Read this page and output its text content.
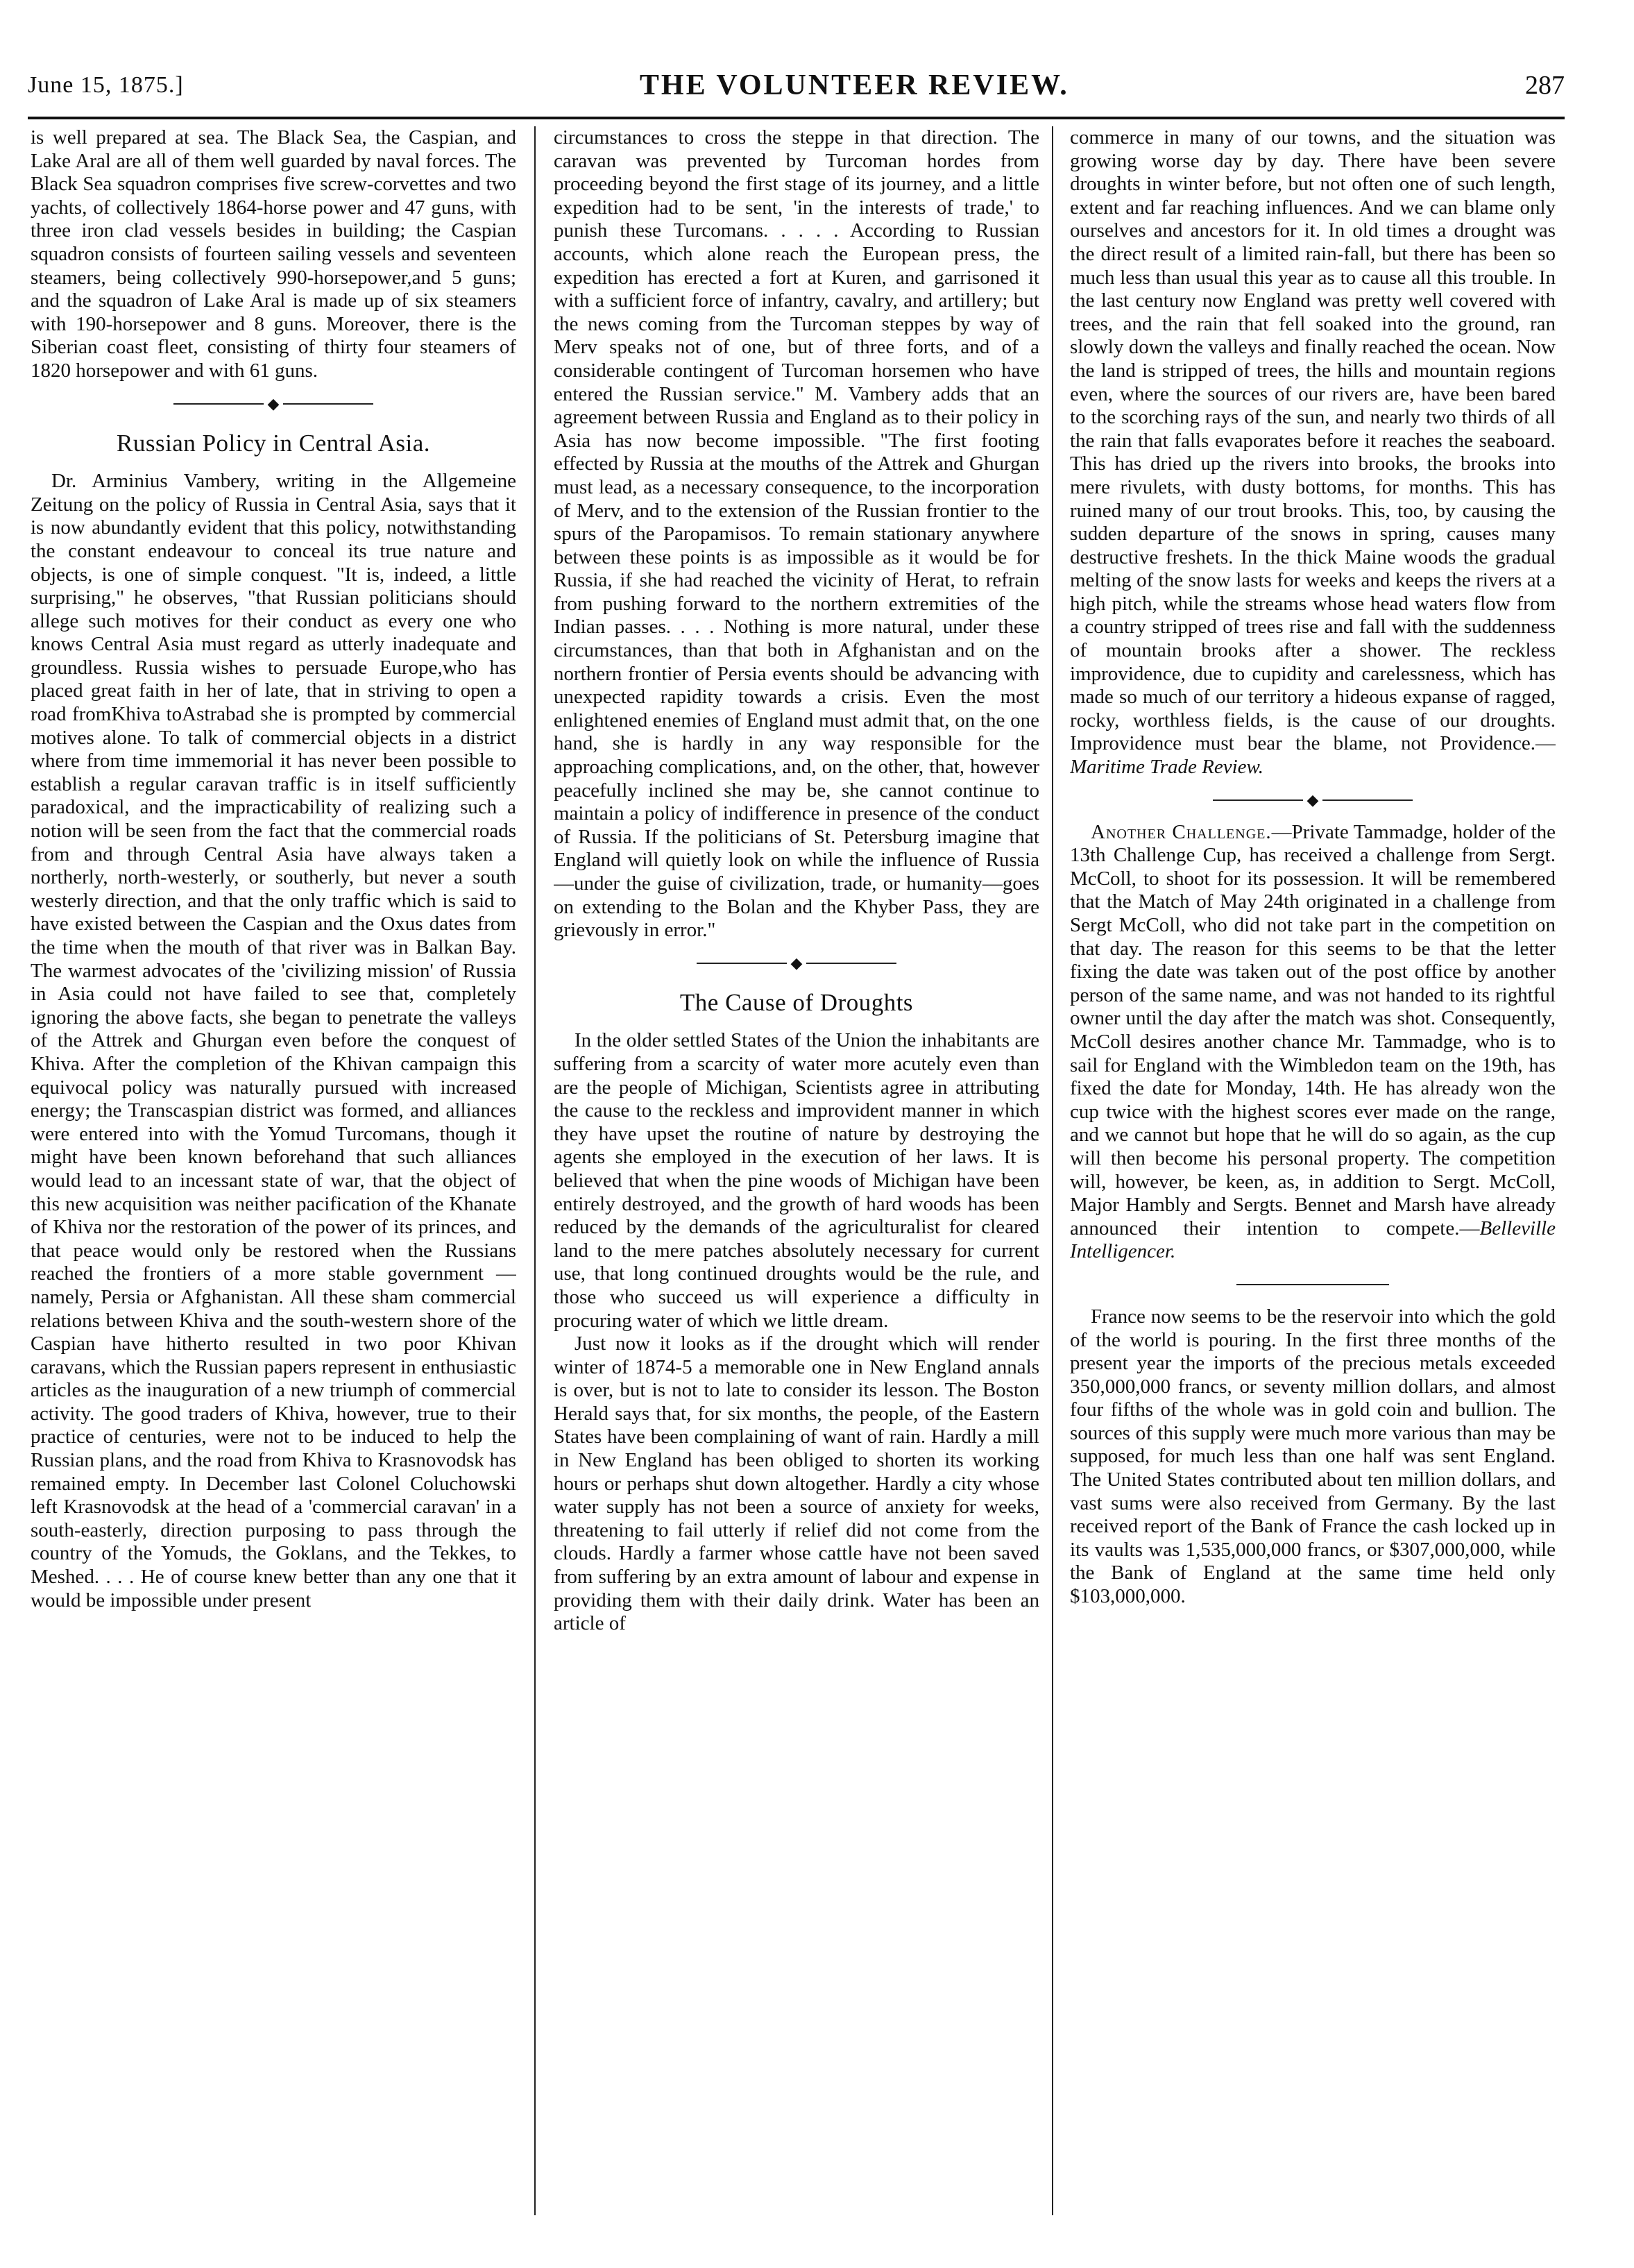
June 15, 1875.]	THE VOLUNTEER REVIEW.	287

is well prepared at sea. The Black Sea, the Caspian, and Lake Aral are all of them well guarded by naval forces. The Black Sea squadron comprises five screw-corvettes and two yachts, of collectively 1864-horse power and 47 guns, with three iron clad vessels besides in building; the Caspian squadron consists of fourteen sailing vessels and seventeen steamers, being collectively 990-horsepower,and 5 guns; and the squadron of Lake Aral is made up of six steamers with 190-horsepower and 8 guns. Moreover, there is the Siberian coast fleet, consisting of thirty four steamers of 1820 horsepower and with 61 guns.

◆
Russian Policy in Central Asia.

Dr. Arminius Vambery, writing in the Allgemeine Zeitung on the policy of Russia in Central Asia, says that it is now abundantly evident that this policy, notwithstanding the constant endeavour to conceal its true nature and objects, is one of simple conquest. "It is, indeed, a little surprising," he observes, "that Russian politicians should allege such motives for their conduct as every one who knows Central Asia must regard as utterly inadequate and groundless. Russia wishes to persuade Europe,who has placed great faith in her of late, that in striving to open a road fromKhiva toAstrabad she is prompted by commercial motives alone. To talk of commercial objects in a district where from time immemorial it has never been possible to establish a regular caravan traffic is in itself sufficiently paradoxical, and the impracticability of realizing such a notion will be seen from the fact that the commercial roads from and through Central Asia have always taken a northerly, north-westerly, or southerly, but never a south westerly direction, and that the only traffic which is said to have existed between the Caspian and the Oxus dates from the time when the mouth of that river was in Balkan Bay. The warmest advocates of the 'civilizing mission' of Russia in Asia could not have failed to see that, completely ignoring the above facts, she began to penetrate the valleys of the Attrek and Ghurgan even before the conquest of Khiva. After the completion of the Khivan campaign this equivocal policy was naturally pursued with increased energy; the Transcaspian district was formed, and alliances were entered into with the Yomud Turcomans, though it might have been known beforehand that such alliances would lead to an incessant state of war, that the object of this new acquisition was neither pacification of the Khanate of Khiva nor the restoration of the power of its princes, and that peace would only be restored when the Russians reached the frontiers of a more stable government —namely, Persia or Afghanistan. All these sham commercial relations between Khiva and the south-western shore of the Caspian have hitherto resulted in two poor Khivan caravans, which the Russian papers represent in enthusiastic articles as the inauguration of a new triumph of commercial activity. The good traders of Khiva, however, true to their practice of centuries, were not to be induced to help the Russian plans, and the road from Khiva to Krasnovodsk has remained empty. In December last Colonel Coluchowski left Krasnovodsk at the head of a 'commercial caravan' in a south-easterly, direction purposing to pass through the country of the Yomuds, the Goklans, and the Tekkes, to Meshed. . . . He of course knew better than any one that it would be impossible under present

circumstances to cross the steppe in that direction. The caravan was prevented by Turcoman hordes from proceeding beyond the first stage of its journey, and a little expedition had to be sent, 'in the interests of trade,' to punish these Turcomans. . . . . According to Russian accounts, which alone reach the European press, the expedition has erected a fort at Kuren, and garrisoned it with a sufficient force of infantry, cavalry, and artillery; but the news coming from the Turcoman steppes by way of Merv speaks not of one, but of three forts, and of a considerable contingent of Turcoman horsemen who have entered the Russian service." M. Vambery adds that an agreement between Russia and England as to their policy in Asia has now become impossible. "The first footing effected by Russia at the mouths of the Attrek and Ghurgan must lead, as a necessary consequence, to the incorporation of Merv, and to the extension of the Russian frontier to the spurs of the Paropamisos. To remain stationary anywhere between these points is as impossible as it would be for Russia, if she had reached the vicinity of Herat, to refrain from pushing forward to the northern extremities of the Indian passes. . . . Nothing is more natural, under these circumstances, than that both in Afghanistan and on the northern frontier of Persia events should be advancing with unexpected rapidity towards a crisis. Even the most enlightened enemies of England must admit that, on the one hand, she is hardly in any way responsible for the approaching complications, and, on the other, that, however peacefully inclined she may be, she cannot continue to maintain a policy of indifference in presence of the conduct of Russia. If the politicians of St. Petersburg imagine that England will quietly look on while the influence of Russia—under the guise of civilization, trade, or humanity—goes on extending to the Bolan and the Khyber Pass, they are grievously in error."

◆
The Cause of Droughts

In the older settled States of the Union the inhabitants are suffering from a scarcity of water more acutely even than are the people of Michigan, Scientists agree in attributing the cause to the reckless and improvident manner in which they have upset the routine of nature by destroying the agents she employed in the execution of her laws. It is believed that when the pine woods of Michigan have been entirely destroyed, and the growth of hard woods has been reduced by the demands of the agriculturalist for cleared land to the mere patches absolutely necessary for current use, that long continued droughts would be the rule, and those who succeed us will experience a difficulty in procuring water of which we little dream.

Just now it looks as if the drought which will render winter of 1874-5 a memorable one in New England annals is over, but is not to late to consider its lesson. The Boston Herald says that, for six months, the people, of the Eastern States have been complaining of want of rain. Hardly a mill in New England has been obliged to shorten its working hours or perhaps shut down altogether. Hardly a city whose water supply has not been a source of anxiety for weeks, threatening to fail utterly if relief did not come from the clouds. Hardly a farmer whose cattle have not been saved from suffering by an extra amount of labour and expense in providing them with their daily drink. Water has been an article of

commerce in many of our towns, and the situation was growing worse day by day. There have been severe droughts in winter before, but not often one of such length, extent and far reaching influences. And we can blame only ourselves and ancestors for it. In old times a drought was the direct result of a limited rain-fall, but there has been so much less than usual this year as to cause all this trouble. In the last century now England was pretty well covered with trees, and the rain that fell soaked into the ground, ran slowly down the valleys and finally reached the ocean. Now the land is stripped of trees, the hills and mountain regions even, where the sources of our rivers are, have been bared to the scorching rays of the sun, and nearly two thirds of all the rain that falls evaporates before it reaches the seaboard. This has dried up the rivers into brooks, the brooks into mere rivulets, with dusty bottoms, for months. This has ruined many of our trout brooks. This, too, by causing the sudden departure of the snows in spring, causes many destructive freshets. In the thick Maine woods the gradual melting of the snow lasts for weeks and keeps the rivers at a high pitch, while the streams whose head waters flow from a country stripped of trees rise and fall with the suddenness of mountain brooks after a shower. The reckless improvidence, due to cupidity and carelessness, which has made so much of our territory a hideous expanse of ragged, rocky, worthless fields, is the cause of our droughts. Improvidence must bear the blame, not Providence.—Maritime Trade Review.

◆

Another Challenge.—Private Tammadge, holder of the 13th Challenge Cup, has received a challenge from Sergt. McColl, to shoot for its possession. It will be remembered that the Match of May 24th originated in a challenge from Sergt McColl, who did not take part in the competition on that day. The reason for this seems to be that the letter fixing the date was taken out of the post office by another person of the same name, and was not handed to its rightful owner until the day after the match was shot. Consequently, McColl desires another chance Mr. Tammadge, who is to sail for England with the Wimbledon team on the 19th, has fixed the date for Monday, 14th. He has already won the cup twice with the highest scores ever made on the range, and we cannot but hope that he will do so again, as the cup will then become his personal property. The competition will, however, be keen, as, in addition to Sergt. McColl, Major Hambly and Sergts. Bennet and Marsh have already announced their intention to compete.—Belleville Intelligencer.

France now seems to be the reservoir into which the gold of the world is pouring. In the first three months of the present year the imports of the precious metals exceeded 350,000,000 francs, or seventy million dollars, and almost four fifths of the whole was in gold coin and bullion. The sources of this supply were much more various than may be supposed, for much less than one half was sent England. The United States contributed about ten million dollars, and vast sums were also received from Germany. By the last received report of the Bank of France the cash locked up in its vaults was 1,535,000,000 francs, or $307,000,000, while the Bank of England at the same time held only $103,000,000.
